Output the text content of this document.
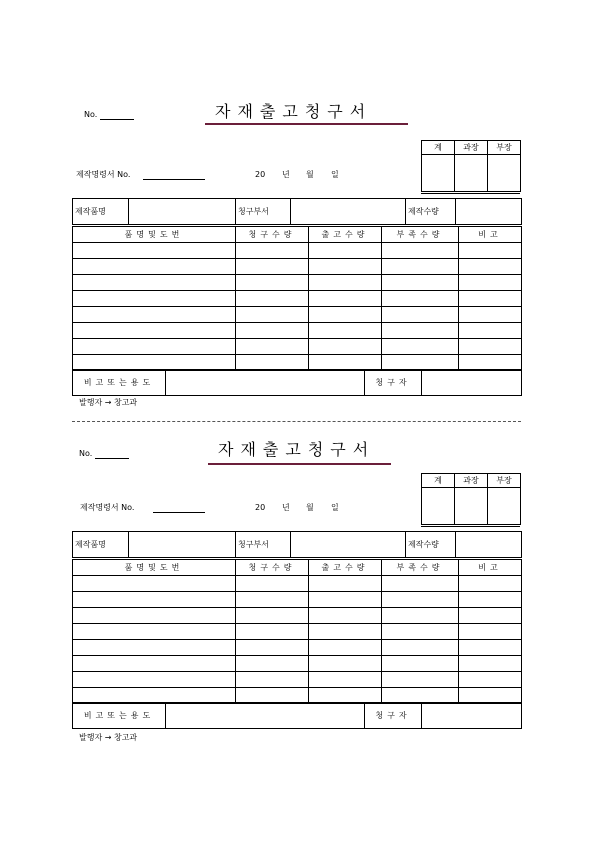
No.	자재출고청구서
계	과장	부장

제작명령서 No.	20 년 월 일
제작품명		청구부서		제작수량	
품명및도번	청구수량	출고수량	부족수량	비고

비고또는용도		청구자	
발행자 → 창고과
No.	자재출고청구서
계	과장	부장

제작명령서 No.	20 년 월 일
제작품명		청구부서		제작수량	
품명및도번	청구수량	출고수량	부족수량	비고

비고또는용도		청구자	
발행자 → 창고과
